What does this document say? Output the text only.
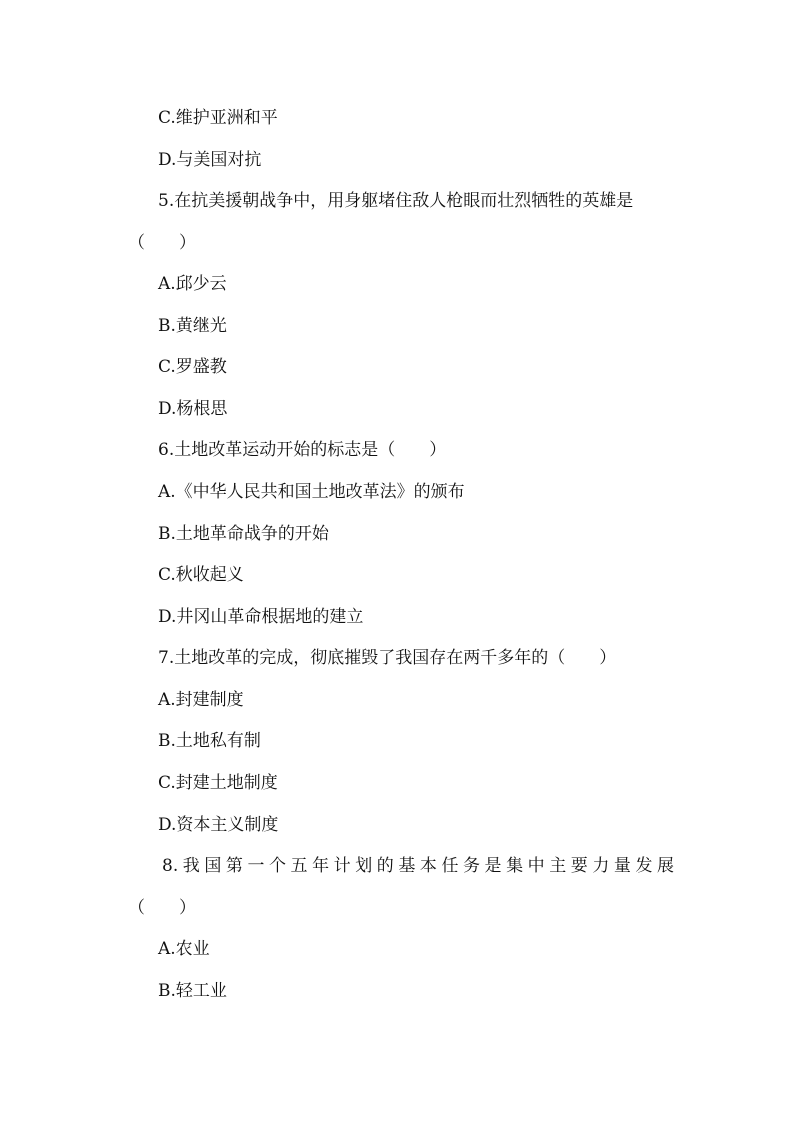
C.维护亚洲和平
D.与美国对抗
5.在抗美援朝战争中，用身躯堵住敌人枪眼而壮烈牺牲的英雄是
（　　）
A.邱少云
B.黄继光
C.罗盛教
D.杨根思
6.土地改革运动开始的标志是（　　）
A.《中华人民共和国土地改革法》的颁布
B.土地革命战争的开始
C.秋收起义
D.井冈山革命根据地的建立
7.土地改革的完成，彻底摧毁了我国存在两千多年的（　　）
A.封建制度
B.土地私有制
C.封建土地制度
D.资本主义制度
8.我国第一个五年计划的基本任务是集中主要力量发展
（　　）
A.农业
B.轻工业
